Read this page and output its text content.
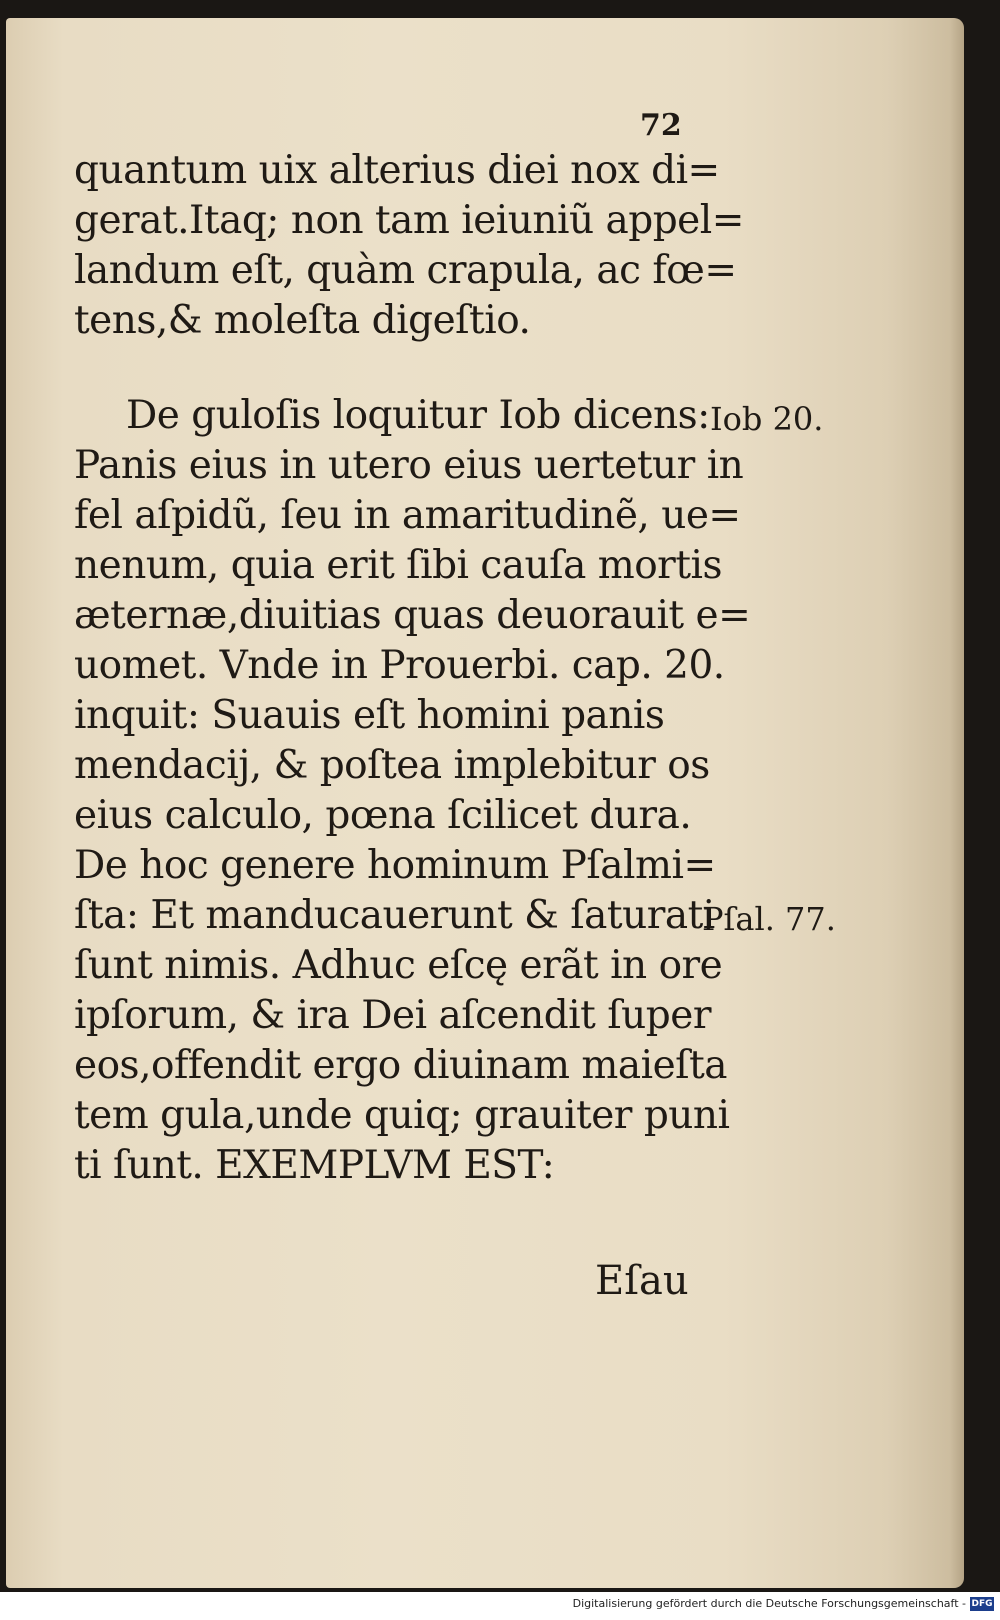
72
quantum uix alterius diei nox di=
gerat.Itaq; non tam ieiuniũ appel=
landum eſt, quàm crapula, ac fœ=
tens,& moleſta digeſtio.
De guloſis loquitur Iob dicens:
Panis eius in utero eius uertetur in
fel aſpidũ, ſeu in amaritudinẽ, ue=
nenum, quia erit ſibi cauſa mortis
æternæ,diuitias quas deuorauit e=
uomet. Vnde in Prouerbi. cap. 20.
inquit: Suauis eſt homini panis
mendacij, & poſtea implebitur os
eius calculo, pœna ſcilicet dura.
De hoc genere hominum Pſalmi=
ſta: Et manducauerunt & ſaturati
ſunt nimis. Adhuc eſcę erãt in ore
ipſorum, & ira Dei aſcendit ſuper
eos,offendit ergo diuinam maieſta
tem gula,unde quiq; grauiter puni
ti ſunt. EXEMPLVM EST:
Iob 20.
Pſal. 77.
Eſau
Digitalisierung gefördert durch die Deutsche Forschungsgemeinschaft - DFG
